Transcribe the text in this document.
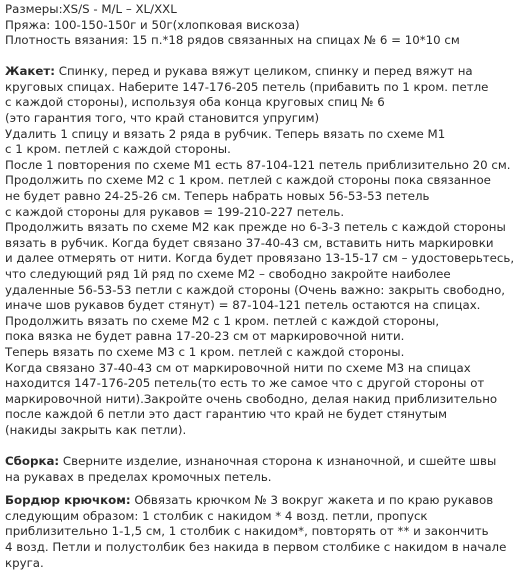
Размеры:XS/S - M/L – XL/XXL
Пряжа: 100-150-150г и 50г(хлопковая вискоза)
Плотность вязания: 15 п.*18 рядов связанных на спицах № 6 = 10*10 см
Жакет: Спинку, перед и рукава вяжут целиком, спинку и перед вяжут на
круговых спицах. Наберите 147-176-205 петель (прибавить по 1 кром. петле
с каждой стороны), используя оба конца круговых спиц № 6
(это гарантия того, что край становится упругим)
Удалить 1 спицу и вязать 2 ряда в рубчик. Теперь вязать по схеме М1
с 1 кром. петлей с каждой стороны.
После 1 повторения по схеме М1 есть 87-104-121 петель приблизительно 20 см.
Продолжить по схеме М2 с 1 кром. петлей с каждой стороны пока связанное
не будет равно 24-25-26 см. Теперь набрать новых 56-53-53 петель
с каждой стороны для рукавов = 199-210-227 петель.
Продолжить вязать по схеме М2 как прежде но 6-3-3 петель с каждой стороны
вязать в рубчик. Когда будет связано 37-40-43 см, вставить нить маркировки
и далее отмерять от нити. Когда будет провязано 13-15-17 см – удостоверьтесь,
что следующий ряд 1й ряд по схеме М2 – свободно закройте наиболее
удаленные 56-53-53 петли с каждой стороны (Очень важно: закрыть свободно,
иначе шов рукавов будет стянут) = 87-104-121 петель остаются на спицах.
Продолжить вязать по схеме М2 с 1 кром. петлей с каждой стороны,
пока вязка не будет равна 17-20-23 см от маркировочной нити.
Теперь вязать по схеме М3 с 1 кром. петлей с каждой стороны.
Когда связано 37-40-43 см от маркировочной нити по схеме М3 на спицах
находится 147-176-205 петель(то есть то же самое что с другой стороны от
маркировочной нити).Закройте очень свободно, делая накид приблизительно
после каждой 6 петли это даст гарантию что край не будет стянутым
(накиды закрыть как петли).
Сборка: Сверните изделие, изнаночная сторона к изнаночной, и сшейте швы
на рукавах в пределах кромочных петель.
Бордюр крючком: Обвязать крючком № 3 вокруг жакета и по краю рукавов
следующим образом: 1 столбик с накидом * 4 возд. петли, пропуск
приблизительно 1-1,5 см, 1 столбик с накидом*, повторять от ** и закончить
4 возд. Петли и полустолбик без накида в первом столбике с накидом в начале
круга.
